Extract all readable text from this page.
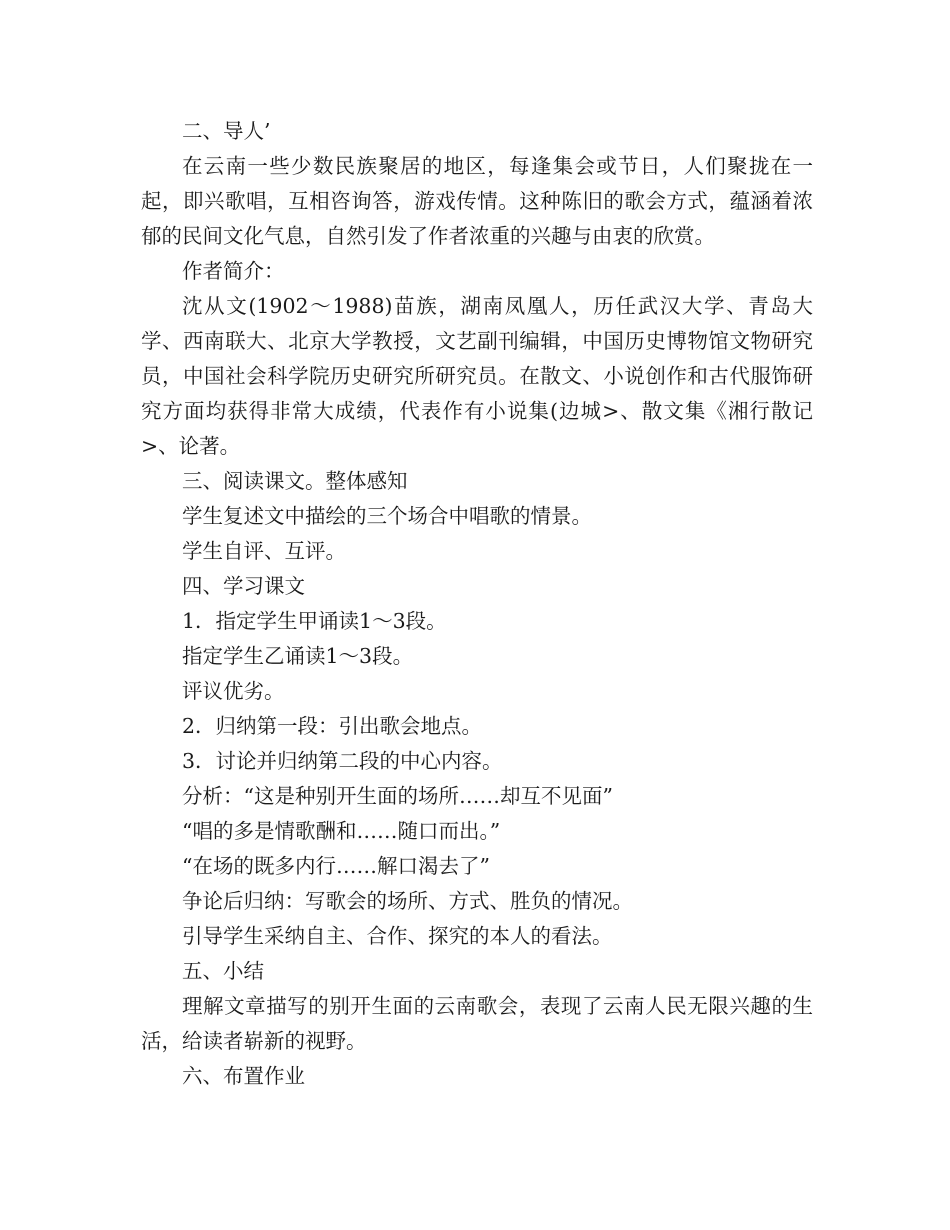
二、导人’

在云南一些少数民族聚居的地区，每逢集会或节日，人们聚拢在一起，即兴歌唱，互相咨询答，游戏传情。这种陈旧的歌会方式，蕴涵着浓郁的民间文化气息，自然引发了作者浓重的兴趣与由衷的欣赏。

作者简介：

沈从文(1902～1988)苗族，湖南凤凰人，历任武汉大学、青岛大学、西南联大、北京大学教授，文艺副刊编辑，中国历史博物馆文物研究员，中国社会科学院历史研究所研究员。在散文、小说创作和古代服饰研究方面均获得非常大成绩，代表作有小说集(边城>、散文集《湘行散记>、论著。

三、阅读课文。整体感知

学生复述文中描绘的三个场合中唱歌的情景。

学生自评、互评。

四、学习课文

1．指定学生甲诵读1～3段。

指定学生乙诵读1～3段。

评议优劣。

2．归纳第一段：引出歌会地点。

3．讨论并归纳第二段的中心内容。

分析：“这是种别开生面的场所……却互不见面”

“唱的多是情歌酬和……随口而出。”

“在场的既多内行……解口渴去了”

争论后归纳：写歌会的场所、方式、胜负的情况。

引导学生采纳自主、合作、探究的本人的看法。

五、小结

理解文章描写的别开生面的云南歌会，表现了云南人民无限兴趣的生活，给读者崭新的视野。

六、布置作业
